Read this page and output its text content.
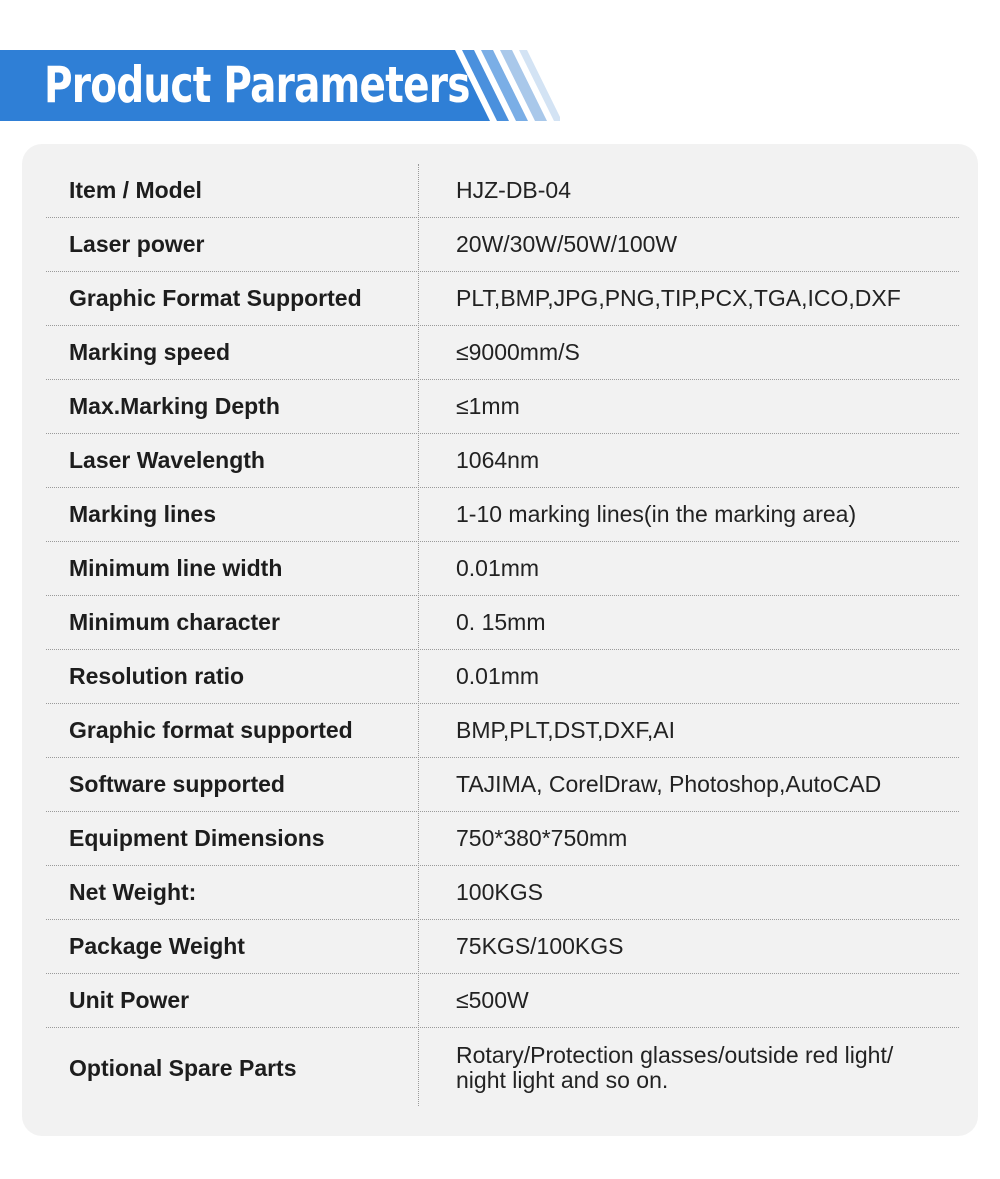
Product Parameters
Item / Model	HJZ-DB-04
Laser power	20W/30W/50W/100W
Graphic Format Supported	PLT,BMP,JPG,PNG,TIP,PCX,TGA,ICO,DXF
Marking speed	≤9000mm/S
Max.Marking Depth	≤1mm
Laser Wavelength	1064nm
Marking lines	1-10 marking lines(in the marking area)
Minimum line width	0.01mm
Minimum character	0. 15mm
Resolution ratio	0.01mm
Graphic format supported	BMP,PLT,DST,DXF,AI
Software supported	TAJIMA, CorelDraw, Photoshop,AutoCAD
Equipment Dimensions	750*380*750mm
Net Weight:	100KGS
Package Weight	75KGS/100KGS
Unit Power	≤500W
Optional Spare Parts	Rotary/Protection glasses/outside red light/ night light and so on.
